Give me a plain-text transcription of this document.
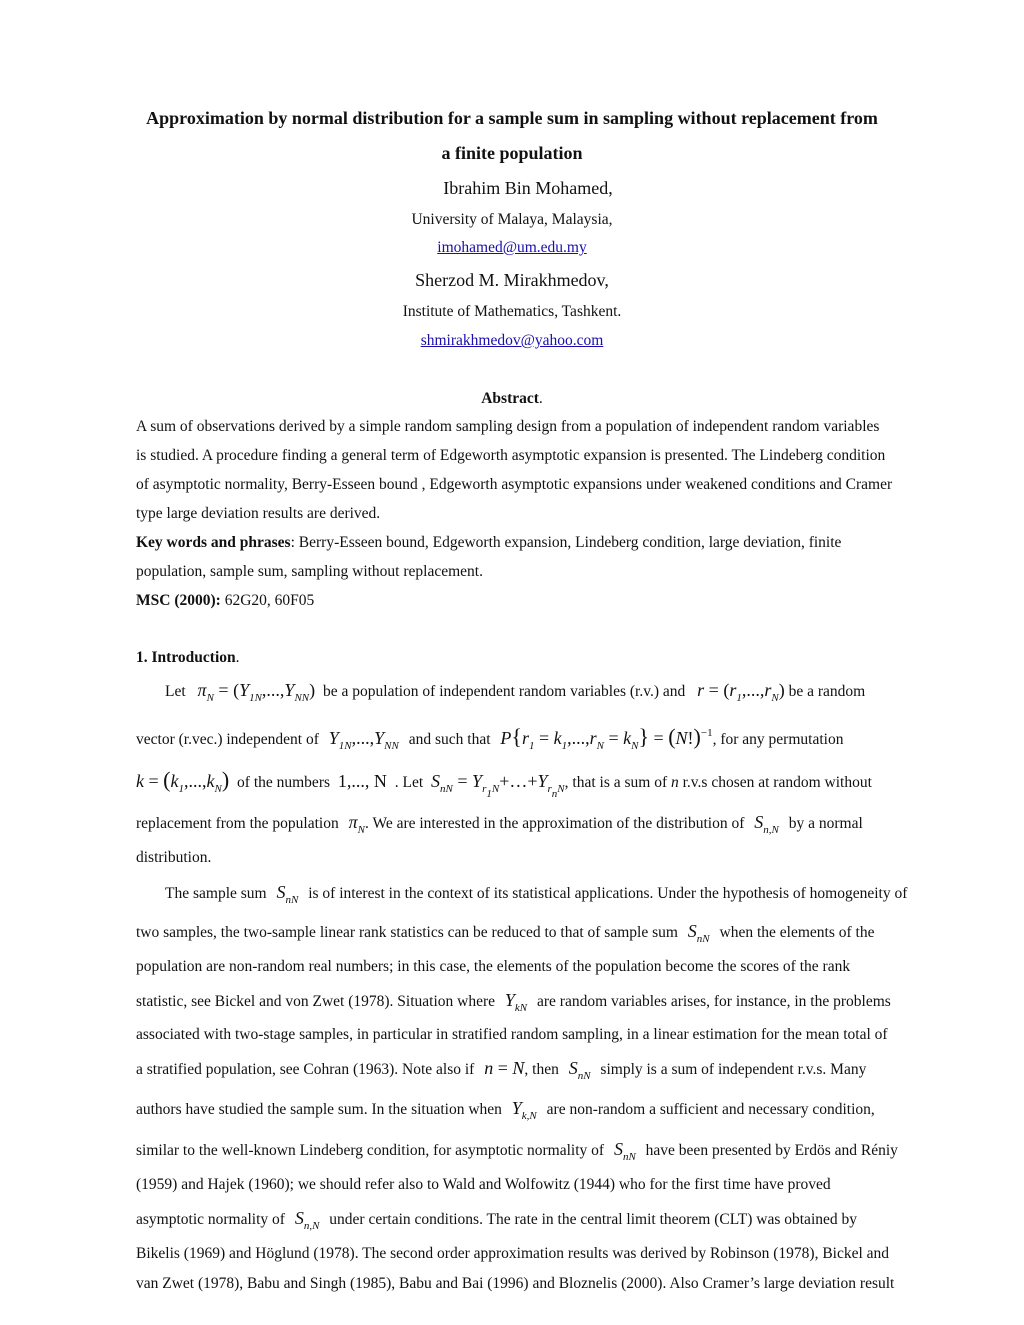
Approximation by normal distribution for a sample sum in sampling without replacement from
a finite population
Ibrahim Bin Mohamed,
University of Malaya, Malaysia,
imohamed@um.edu.my
Sherzod M. Mirakhmedov,
Institute of Mathematics, Tashkent.
shmirakhmedov@yahoo.com
Abstract.
A sum of observations derived by a simple random sampling design from a population of independent random variables
is studied. A procedure finding a general term of Edgeworth asymptotic expansion is presented. The Lindeberg condition
of asymptotic normality, Berry-Esseen bound , Edgeworth asymptotic expansions under weakened conditions and Cramer
type large deviation results are derived.
Key words and phrases: Berry-Esseen bound, Edgeworth expansion, Lindeberg condition, large deviation, finite
population, sample sum, sampling without replacement.
MSC (2000): 62G20, 60F05
1. Introduction.
Let $\pi_N = (Y_{1N},...,Y_{NN})$ be a population of independent random variables (r.v.) and $r = (r_1,...,r_N)$ be a random
vector (r.vec.) independent of $Y_{1N},...,Y_{NN}$ and such that $P\{r_1 = k_1,...,r_N = k_N\} = (N!)^{-1}$, for any permutation
$k = (k_1,...,k_N)$ of the numbers 1,..., N . Let $S_{nN}$ = $Y_{r_1N}+\dots+Y_{r_nN}$, that is a sum of n r.v.s chosen at random without
replacement from the population $\pi_N$. We are interested in the approximation of the distribution of $S_{n,N}$ by a normal
distribution.
The sample sum $S_{nN}$ is of interest in the context of its statistical applications. Under the hypothesis of homogeneity of
two samples, the two-sample linear rank statistics can be reduced to that of sample sum $S_{nN}$ when the elements of the
population are non-random real numbers; in this case, the elements of the population become the scores of the rank
statistic, see Bickel and von Zwet (1978). Situation where $Y_{kN}$ are random variables arises, for instance, in the problems
associated with two-stage samples, in particular in stratified random sampling, in a linear estimation for the mean total of
a stratified population, see Cohran (1963). Note also if n = N, then $S_{nN}$ simply is a sum of independent r.v.s. Many
authors have studied the sample sum. In the situation when $Y_{k,N}$ are non-random a sufficient and necessary condition,
similar to the well-known Lindeberg condition, for asymptotic normality of $S_{nN}$ have been presented by Erdös and Réniy
(1959) and Hajek (1960); we should refer also to Wald and Wolfowitz (1944) who for the first time have proved
asymptotic normality of $S_{n,N}$ under certain conditions. The rate in the central limit theorem (CLT) was obtained by
Bikelis (1969) and Höglund (1978). The second order approximation results was derived by Robinson (1978), Bickel and
van Zwet (1978), Babu and Singh (1985), Babu and Bai (1996) and Bloznelis (2000). Also Cramer’s large deviation result
